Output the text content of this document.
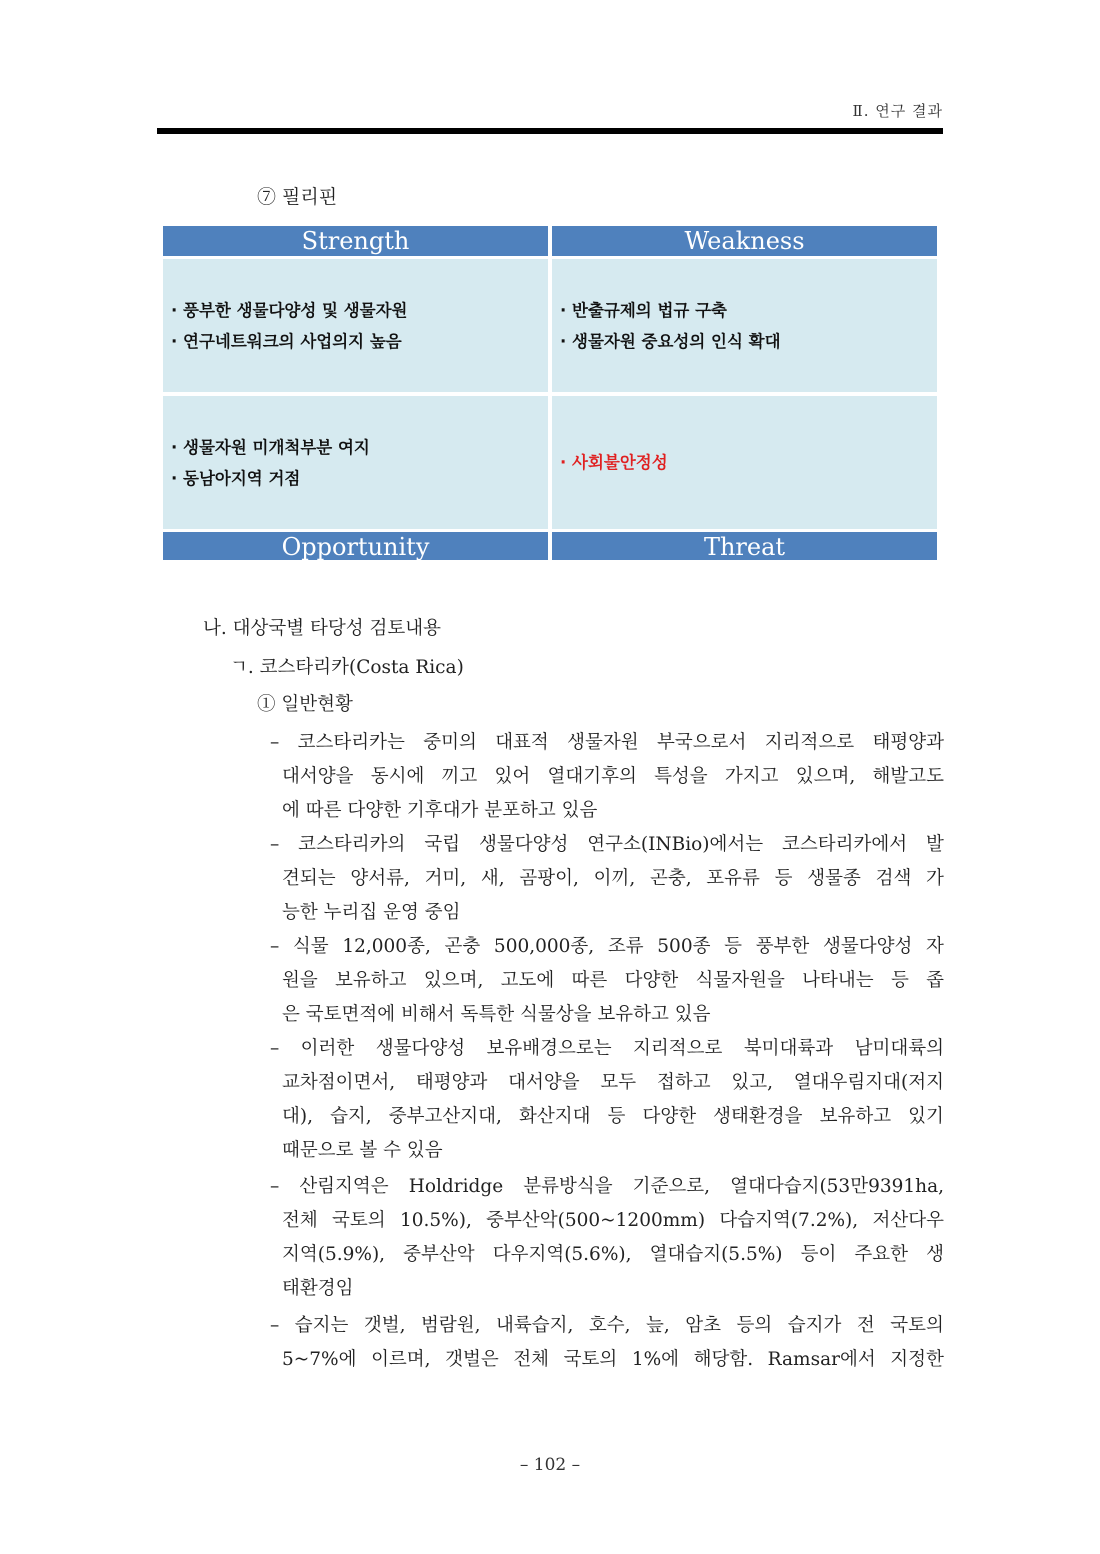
Ⅱ. 연구 결과
⑦ 필리핀
Strength	Weakness
· 풍부한 생물다양성 및 생물자원
· 연구네트워크의 사업의지 높음
· 반출규제의 법규 구축
· 생물자원 중요성의 인식 확대
· 생물자원 미개척부분 여지
· 동남아지역 거점
· 사회불안정성
Opportunity	Threat
나. 대상국별 타당성 검토내용
ㄱ. 코스타리카(Costa Rica)
① 일반현황
– 코스타리카는 중미의 대표적 생물자원 부국으로서 지리적으로 태평양과
대서양을 동시에 끼고 있어 열대기후의 특성을 가지고 있으며, 해발고도
에 따른 다양한 기후대가 분포하고 있음
– 코스타리카의 국립 생물다양성 연구소(INBio)에서는 코스타리카에서 발
견되는 양서류, 거미, 새, 곰팡이, 이끼, 곤충, 포유류 등 생물종 검색 가
능한 누리집 운영 중임
– 식물 12,000종, 곤충 500,000종, 조류 500종 등 풍부한 생물다양성 자
원을 보유하고 있으며, 고도에 따른 다양한 식물자원을 나타내는 등 좁
은 국토면적에 비해서 독특한 식물상을 보유하고 있음
– 이러한 생물다양성 보유배경으로는 지리적으로 북미대륙과 남미대륙의
교차점이면서, 태평양과 대서양을 모두 접하고 있고, 열대우림지대(저지
대), 습지, 중부고산지대, 화산지대 등 다양한 생태환경을 보유하고 있기
때문으로 볼 수 있음
– 산림지역은 Holdridge 분류방식을 기준으로, 열대다습지(53만9391ha,
전체 국토의 10.5%), 중부산악(500~1200mm) 다습지역(7.2%), 저산다우
지역(5.9%), 중부산악 다우지역(5.6%), 열대습지(5.5%) 등이 주요한 생
태환경임
– 습지는 갯벌, 범람원, 내륙습지, 호수, 늪, 암초 등의 습지가 전 국토의
5~7%에 이르며, 갯벌은 전체 국토의 1%에 해당함. Ramsar에서 지정한
– 102 –
